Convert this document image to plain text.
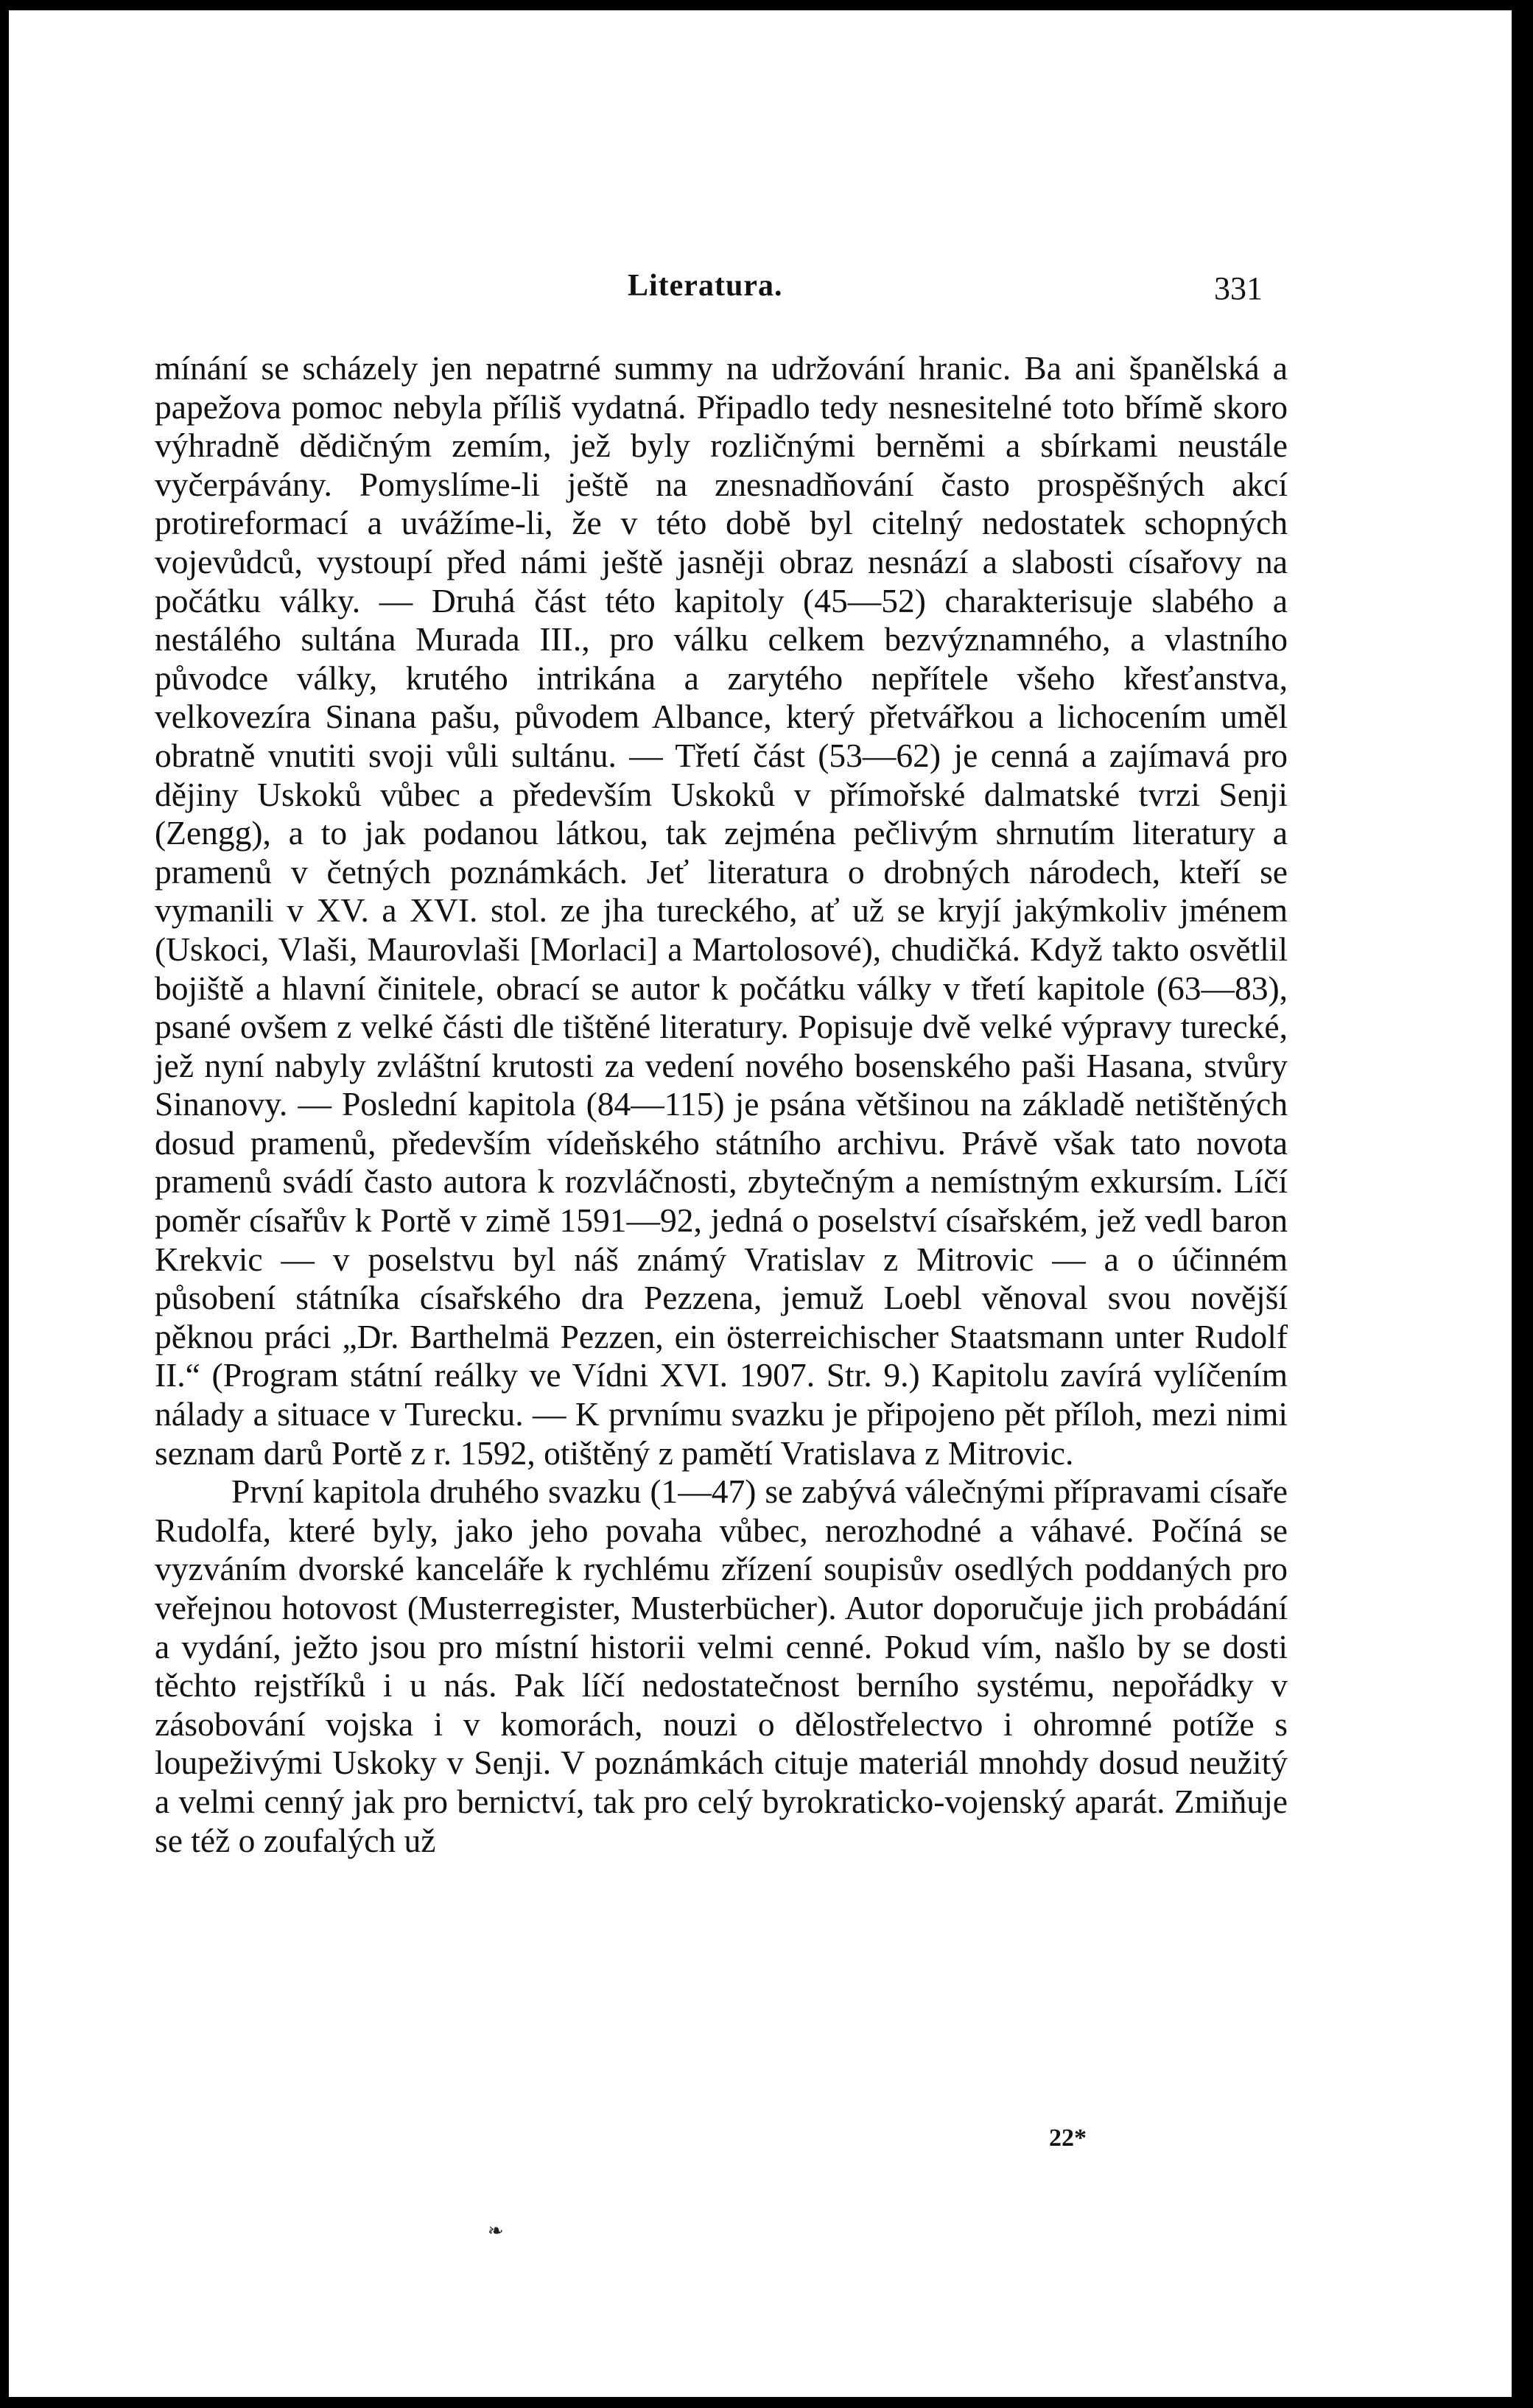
Literatura.	331

mínání se scházely jen nepatrné summy na udržování hranic. Ba ani španělská a papežova pomoc nebyla příliš vydatná. Připadlo tedy nesnesitelné toto břímě skoro výhradně dědičným zemím, jež byly rozličnými berněmi a sbírkami neustále vyčerpávány. Pomyslíme-li ještě na znesnadňování často prospěšných akcí protireformací a uvážíme-li, že v této době byl citelný nedostatek schopných vojevůdců, vystoupí před námi ještě jasněji obraz nesnází a slabosti císařovy na počátku války. — Druhá část této kapitoly (45—52) charakterisuje slabého a nestálého sultána Murada III., pro válku celkem bezvýznamného, a vlastního původce války, krutého intrikána a zarytého nepřítele všeho křesťanstva, velkovezíra Sinana pašu, původem Albance, který přetvářkou a lichocením uměl obratně vnutiti svoji vůli sultánu. — Třetí část (53—62) je cenná a zajímavá pro dějiny Uskoků vůbec a především Uskoků v přímořské dalmatské tvrzi Senji (Zengg), a to jak podanou látkou, tak zejména pečlivým shrnutím literatury a pramenů v četných poznámkách. Jeť literatura o drobných národech, kteří se vymanili v XV. a XVI. stol. ze jha tureckého, ať už se kryjí jakýmkoliv jménem (Uskoci, Vlaši, Maurovlaši [Morlaci] a Martolosové), chudičká. Když takto osvětlil bojiště a hlavní činitele, obrací se autor k počátku války v třetí kapitole (63—83), psané ovšem z velké části dle tištěné literatury. Popisuje dvě velké výpravy turecké, jež nyní nabyly zvláštní krutosti za vedení nového bosenského paši Hasana, stvůry Sinanovy. — Poslední kapitola (84—115) je psána většinou na základě netištěných dosud pramenů, především vídeňského státního archivu. Právě však tato novota pramenů svádí často autora k rozvláčnosti, zbytečným a nemístným exkursím. Líčí poměr císařův k Portě v zimě 1591—92, jedná o poselství císařském, jež vedl baron Krekvic — v poselstvu byl náš známý Vratislav z Mitrovic — a o účinném působení státníka císařského dra Pezzena, jemuž Loebl věnoval svou novější pěknou práci „Dr. Barthelmä Pezzen, ein österreichischer Staatsmann unter Rudolf II.“ (Program státní reálky ve Vídni XVI. 1907. Str. 9.) Kapitolu zavírá vylíčením nálady a situace v Turecku. — K prvnímu svazku je připojeno pět příloh, mezi nimi seznam darů Portě z r. 1592, otištěný z pamětí Vratislava z Mitrovic.

První kapitola druhého svazku (1—47) se zabývá válečnými přípravami císaře Rudolfa, které byly, jako jeho povaha vůbec, nerozhodné a váhavé. Počíná se vyzváním dvorské kanceláře k rychlému zřízení soupisův osedlých poddaných pro veřejnou hotovost (Musterregister, Musterbücher). Autor doporučuje jich probádání a vydání, ježto jsou pro místní historii velmi cenné. Pokud vím, našlo by se dosti těchto rejstříků i u nás. Pak líčí nedostatečnost berního systému, nepořádky v zásobování vojska i v komorách, nouzi o dělostřelectvo i ohromné potíže s loupeživými Uskoky v Senji. V poznámkách cituje materiál mnohdy dosud neužitý a velmi cenný jak pro bernictví, tak pro celý byrokraticko-vojenský aparát. Zmiňuje se též o zoufalých už

22*
❧
